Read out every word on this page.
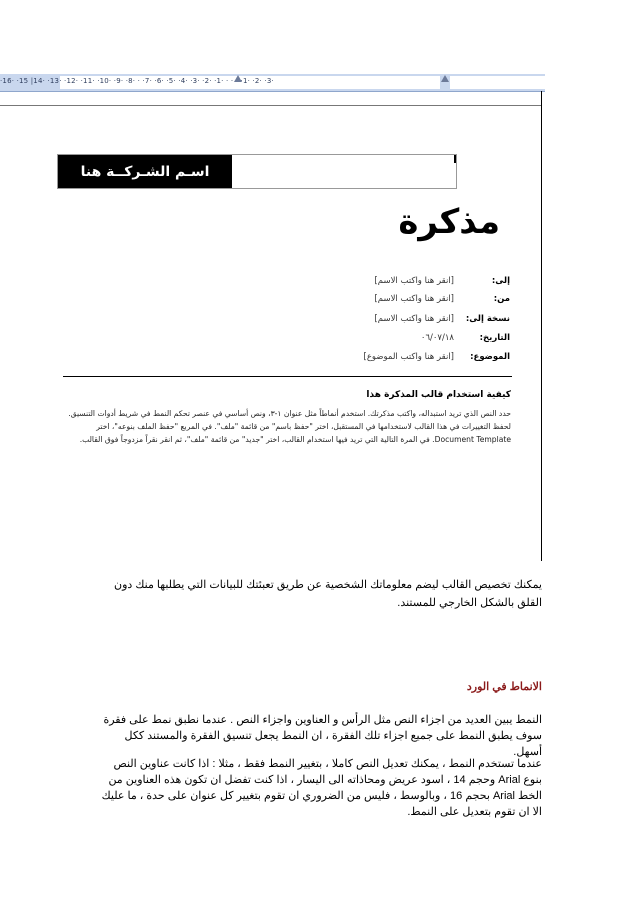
·16· ·15 |14· ·13· ·12· ·11· ·10· ·9· ·8· · ·7· ·6· ·5· ·4· ·3· ·2· ·1· · · · ·1· ·2· ·3·
اسـم الشـركــة هنا
مذكرة
إلى:
[انقر هنا واكتب الاسم]
من:
[انقر هنا واكتب الاسم]
نسخة إلى:
[انقر هنا واكتب الاسم]
التاريخ:
٠٦/٠٧/١٨
الموضوع:
[انقر هنا واكتب الموضوع]
كيفية استخدام قالب المذكرة هذا
حدد النص الذي تريد استبداله، واكتب مذكرتك. استخدم أنماطاً مثل عنوان ١-٣، ونص أساسي في عنصر تحكم النمط في شريط أدوات التنسيق. لحفظ التغييرات في هذا القالب لاستخدامها في المستقبل، اختر "حفظ باسم" من قائمة "ملف". في المربع "حفظ الملف بنوعه"، اختر Document Template. في المرة التالية التي تريد فيها استخدام القالب، اختر "جديد" من قائمة "ملف"، ثم انقر نقراً مزدوجاً فوق القالب.
يمكنك تخصيص القالب ليضم معلوماتك الشخصية عن طريق تعبئتك للبيانات التي يطلبها منك دون القلق بالشكل الخارجي للمستند.
الانماط في الورد
النمط يبين العديد من اجزاء النص مثل الرأس و العناوين واجزاء النص . عندما نطبق نمط على فقرة سوف يطبق النمط على جميع اجزاء تلك الفقرة ، ان النمط يجعل تنسيق الفقرة والمستند ككل أسهل.
عندما تستخدم النمط ، يمكنك تعديل النص كاملا ، بتغيير النمط فقط ، مثلا : اذا كانت عناوين النص بنوع Arial وحجم 14 ، اسود عريض ومحاذاته الى اليسار ، اذا كنت تفضل ان تكون هذه العناوين من الخط Arial بحجم 16 ، وبالوسط ، فليس من الضروري ان تقوم بتغيير كل عنوان على حدة ، ما عليك الا ان تقوم بتعديل على النمط.
